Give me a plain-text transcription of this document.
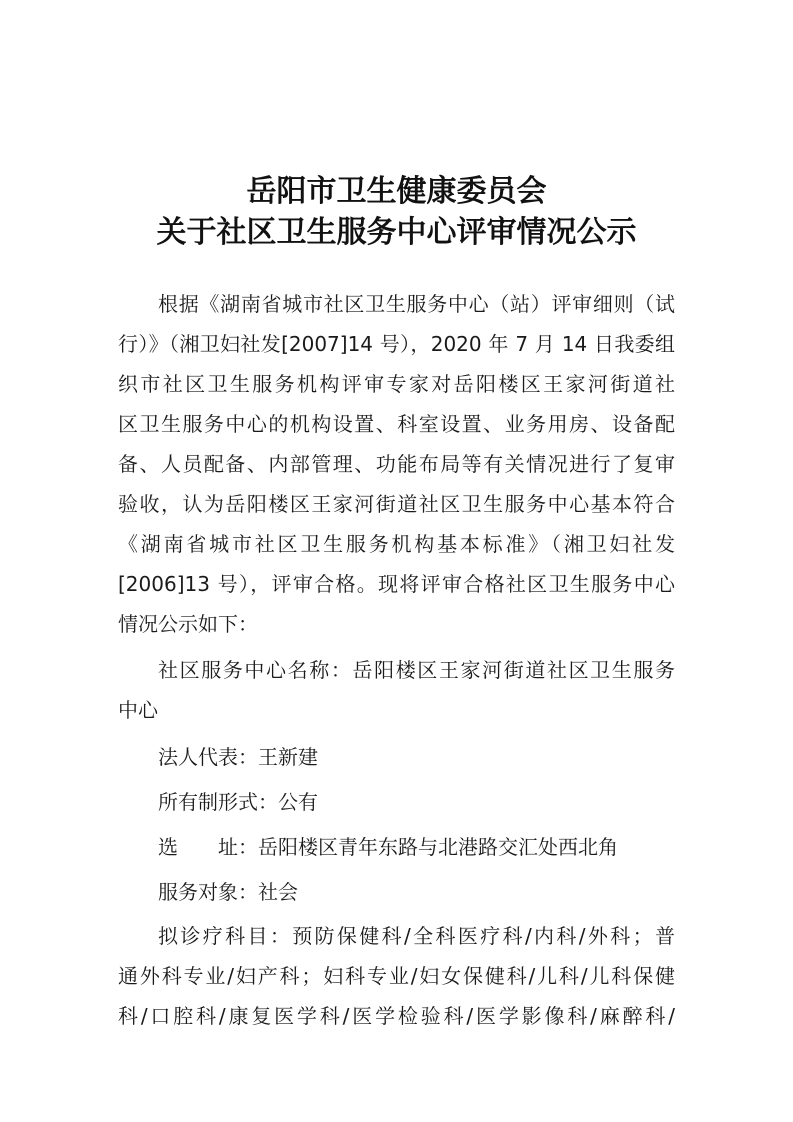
岳阳市卫生健康委员会
关于社区卫生服务中心评审情况公示
根据《湖南省城市社区卫生服务中心（站）评审细则（试
行）》（湘卫妇社发[2007]14 号），2020 年 7 月 14 日我委组
织市社区卫生服务机构评审专家对岳阳楼区王家河街道社
区卫生服务中心的机构设置、科室设置、业务用房、设备配
备、人员配备、内部管理、功能布局等有关情况进行了复审
验收，认为岳阳楼区王家河街道社区卫生服务中心基本符合
《湖南省城市社区卫生服务机构基本标准》（湘卫妇社发
[2006]13 号），评审合格。现将评审合格社区卫生服务中心
情况公示如下：
社区服务中心名称：岳阳楼区王家河街道社区卫生服务
中心
法人代表：王新建
所有制形式：公有
选　　址：岳阳楼区青年东路与北港路交汇处西北角
服务对象：社会
拟诊疗科目：预防保健科/全科医疗科/内科/外科；普
通外科专业/妇产科；妇科专业/妇女保健科/儿科/儿科保健
科/口腔科/康复医学科/医学检验科/医学影像科/麻醉科/
